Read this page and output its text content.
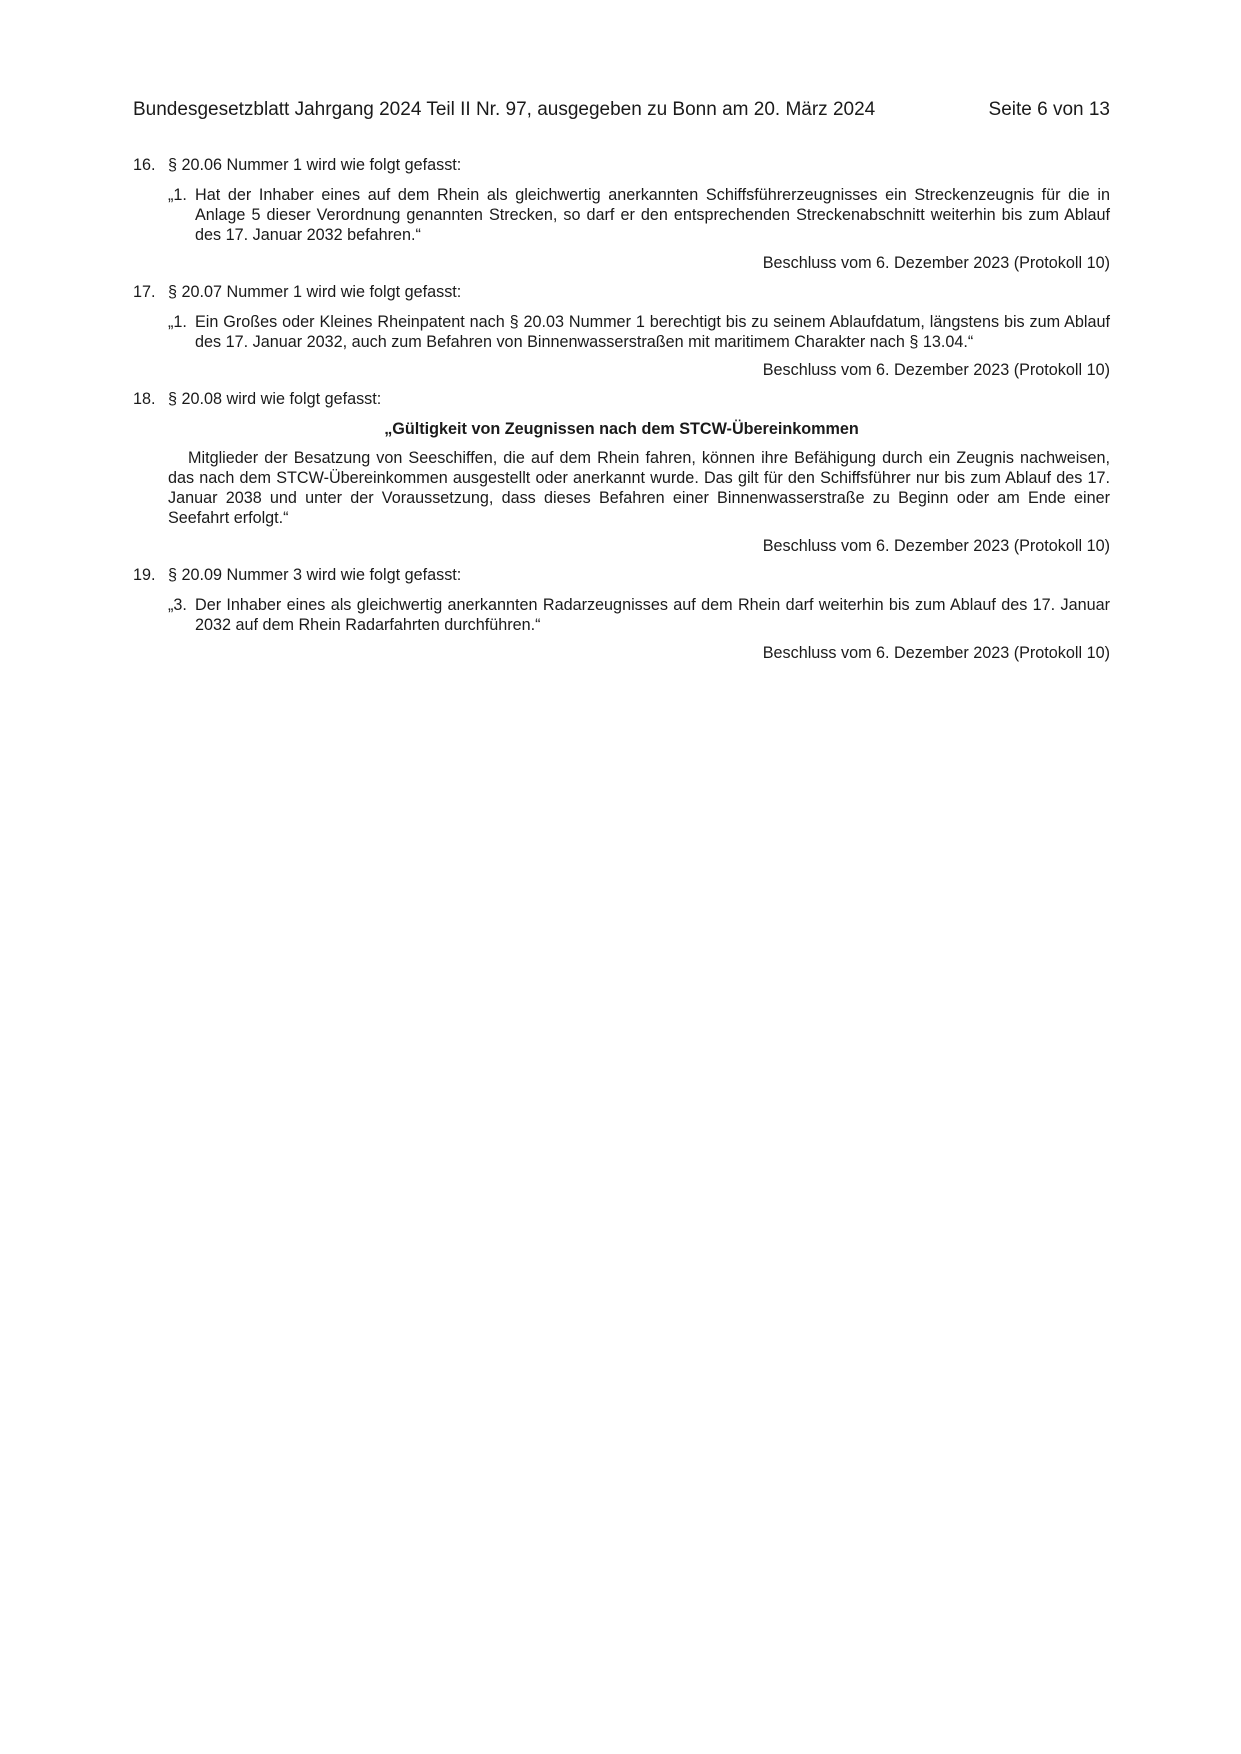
Bundesgesetzblatt Jahrgang 2024 Teil II Nr. 97, ausgegeben zu Bonn am 20. März 2024	Seite 6 von 13
16. § 20.06 Nummer 1 wird wie folgt gefasst:
„1. Hat der Inhaber eines auf dem Rhein als gleichwertig anerkannten Schiffsführerzeugnisses ein Streckenzeugnis für die in Anlage 5 dieser Verordnung genannten Strecken, so darf er den entsprechenden Streckenabschnitt weiterhin bis zum Ablauf des 17. Januar 2032 befahren.“
Beschluss vom 6. Dezember 2023 (Protokoll 10)
17. § 20.07 Nummer 1 wird wie folgt gefasst:
„1. Ein Großes oder Kleines Rheinpatent nach § 20.03 Nummer 1 berechtigt bis zu seinem Ablaufdatum, längstens bis zum Ablauf des 17. Januar 2032, auch zum Befahren von Binnenwasserstraßen mit maritimem Charakter nach § 13.04.“
Beschluss vom 6. Dezember 2023 (Protokoll 10)
18. § 20.08 wird wie folgt gefasst:
„Gültigkeit von Zeugnissen nach dem STCW-Übereinkommen
Mitglieder der Besatzung von Seeschiffen, die auf dem Rhein fahren, können ihre Befähigung durch ein Zeugnis nachweisen, das nach dem STCW-Übereinkommen ausgestellt oder anerkannt wurde. Das gilt für den Schiffsführer nur bis zum Ablauf des 17. Januar 2038 und unter der Voraussetzung, dass dieses Befahren einer Binnenwasserstraße zu Beginn oder am Ende einer Seefahrt erfolgt.“
Beschluss vom 6. Dezember 2023 (Protokoll 10)
19. § 20.09 Nummer 3 wird wie folgt gefasst:
„3. Der Inhaber eines als gleichwertig anerkannten Radarzeugnisses auf dem Rhein darf weiterhin bis zum Ablauf des 17. Januar 2032 auf dem Rhein Radarfahrten durchführen.“
Beschluss vom 6. Dezember 2023 (Protokoll 10)
